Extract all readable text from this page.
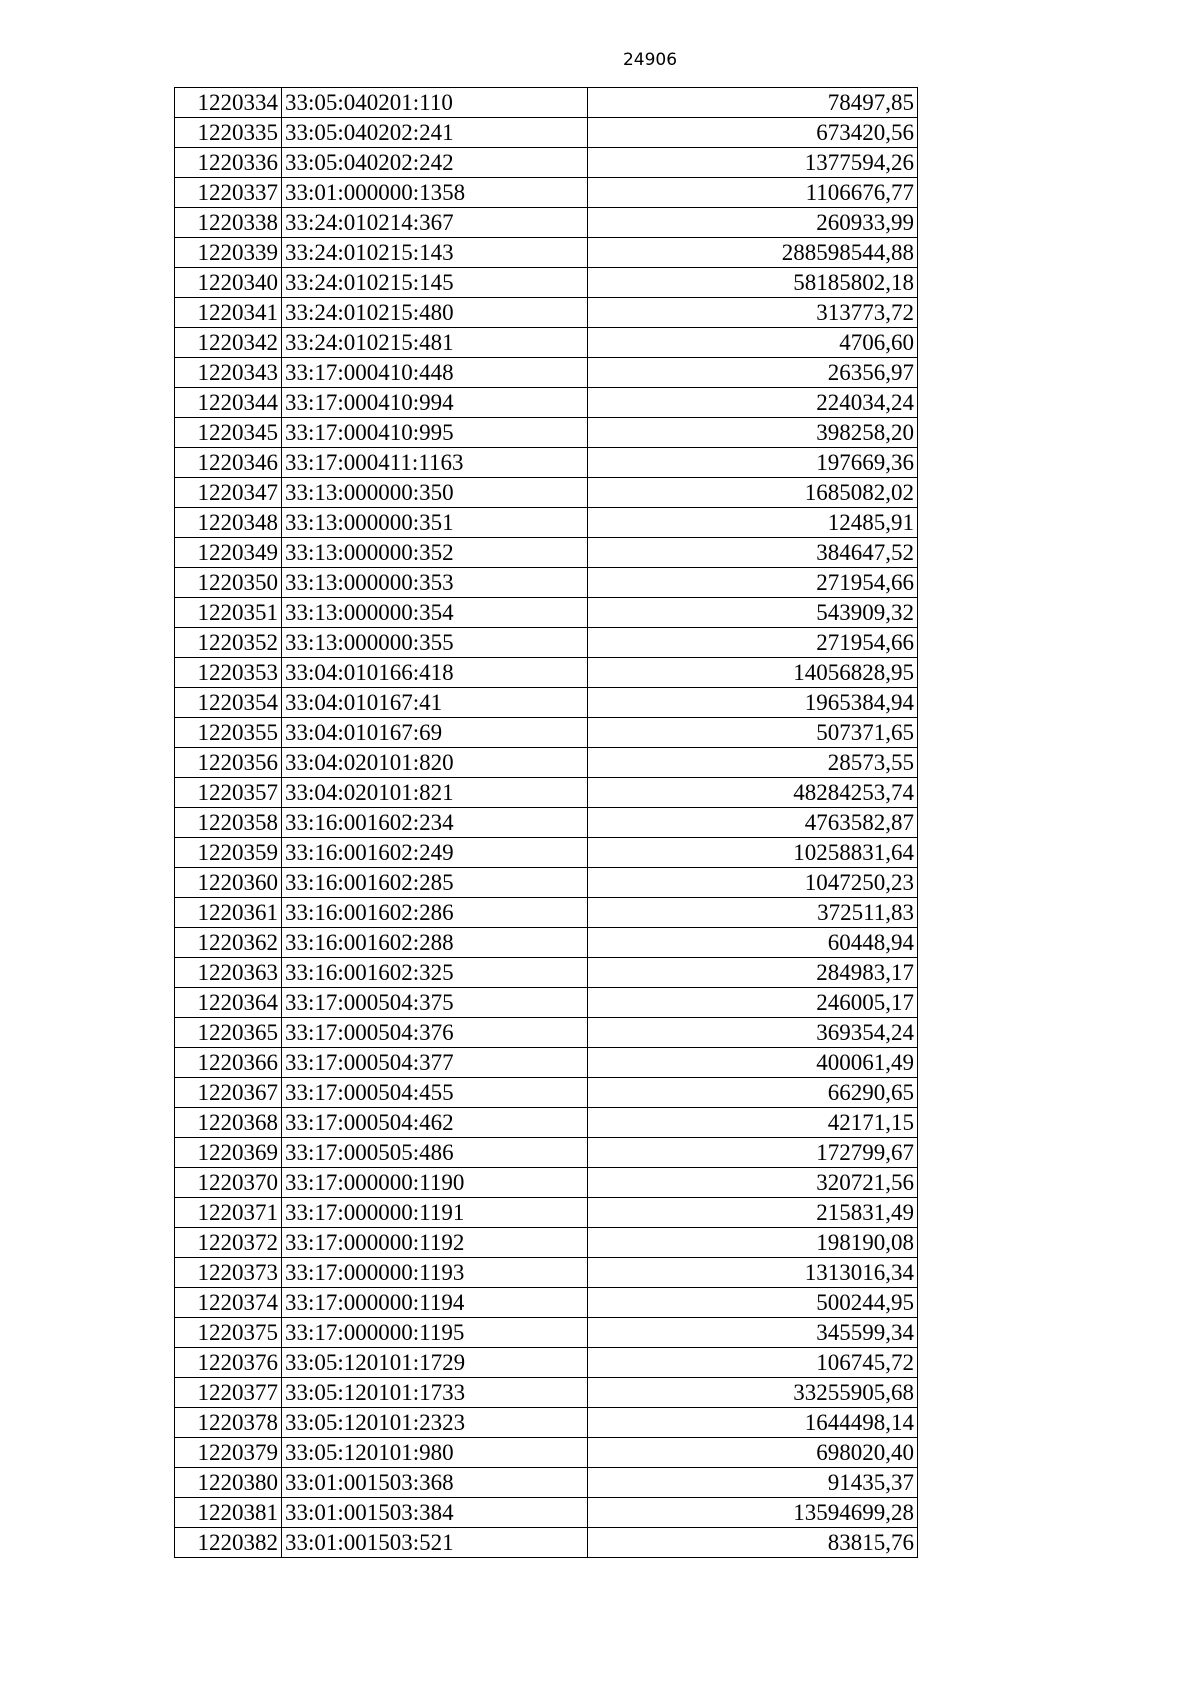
24906
1220334	33:05:040201:110	78497,85
1220335	33:05:040202:241	673420,56
1220336	33:05:040202:242	1377594,26
1220337	33:01:000000:1358	1106676,77
1220338	33:24:010214:367	260933,99
1220339	33:24:010215:143	288598544,88
1220340	33:24:010215:145	58185802,18
1220341	33:24:010215:480	313773,72
1220342	33:24:010215:481	4706,60
1220343	33:17:000410:448	26356,97
1220344	33:17:000410:994	224034,24
1220345	33:17:000410:995	398258,20
1220346	33:17:000411:1163	197669,36
1220347	33:13:000000:350	1685082,02
1220348	33:13:000000:351	12485,91
1220349	33:13:000000:352	384647,52
1220350	33:13:000000:353	271954,66
1220351	33:13:000000:354	543909,32
1220352	33:13:000000:355	271954,66
1220353	33:04:010166:418	14056828,95
1220354	33:04:010167:41	1965384,94
1220355	33:04:010167:69	507371,65
1220356	33:04:020101:820	28573,55
1220357	33:04:020101:821	48284253,74
1220358	33:16:001602:234	4763582,87
1220359	33:16:001602:249	10258831,64
1220360	33:16:001602:285	1047250,23
1220361	33:16:001602:286	372511,83
1220362	33:16:001602:288	60448,94
1220363	33:16:001602:325	284983,17
1220364	33:17:000504:375	246005,17
1220365	33:17:000504:376	369354,24
1220366	33:17:000504:377	400061,49
1220367	33:17:000504:455	66290,65
1220368	33:17:000504:462	42171,15
1220369	33:17:000505:486	172799,67
1220370	33:17:000000:1190	320721,56
1220371	33:17:000000:1191	215831,49
1220372	33:17:000000:1192	198190,08
1220373	33:17:000000:1193	1313016,34
1220374	33:17:000000:1194	500244,95
1220375	33:17:000000:1195	345599,34
1220376	33:05:120101:1729	106745,72
1220377	33:05:120101:1733	33255905,68
1220378	33:05:120101:2323	1644498,14
1220379	33:05:120101:980	698020,40
1220380	33:01:001503:368	91435,37
1220381	33:01:001503:384	13594699,28
1220382	33:01:001503:521	83815,76
